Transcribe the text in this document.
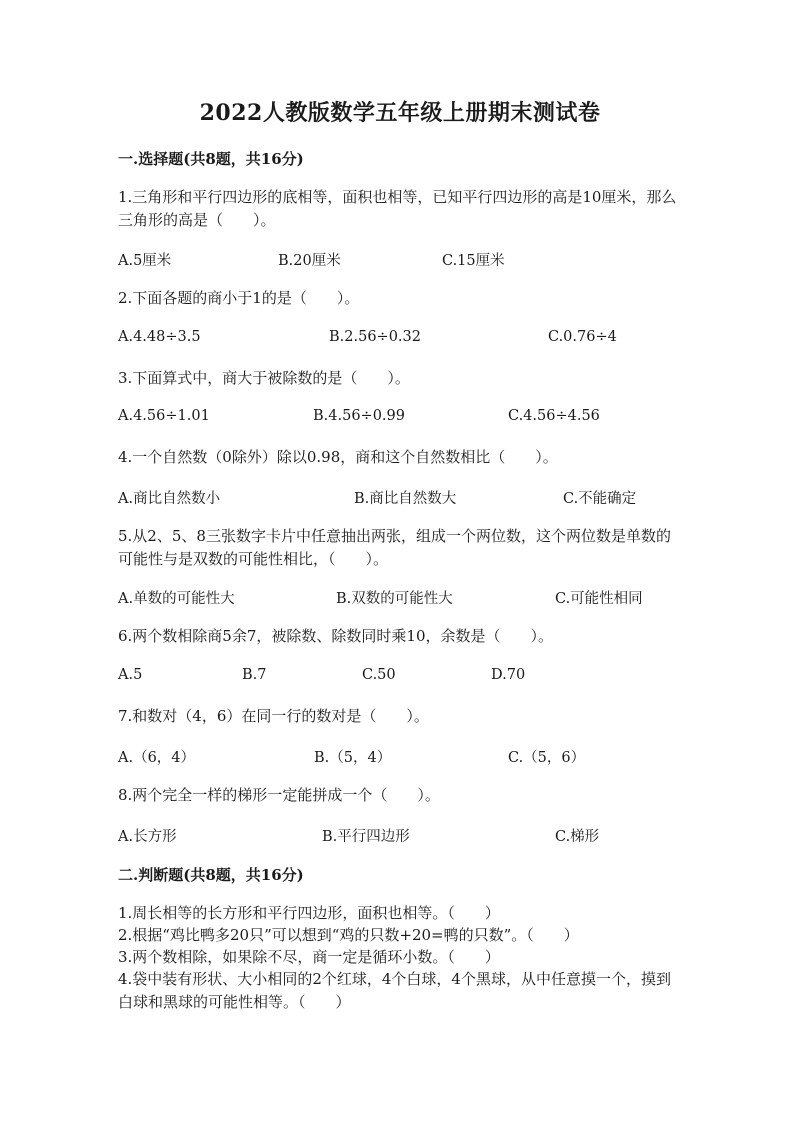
2022人教版数学五年级上册期末测试卷
一.选择题(共8题，共16分)
1.三角形和平行四边形的底相等，面积也相等，已知平行四边形的高是10厘米，那么三角形的高是（　　）。
A.5厘米	B.20厘米	C.15厘米
2.下面各题的商小于1的是（　　）。
A.4.48÷3.5	B.2.56÷0.32	C.0.76÷4
3.下面算式中，商大于被除数的是（　　）。
A.4.56÷1.01	B.4.56÷0.99	C.4.56÷4.56
4.一个自然数（0除外）除以0.98，商和这个自然数相比（　　）。
A.商比自然数小	B.商比自然数大	C.不能确定
5.从2、5、8三张数字卡片中任意抽出两张，组成一个两位数，这个两位数是单数的可能性与是双数的可能性相比，（　　）。
A.单数的可能性大	B.双数的可能性大	C.可能性相同
6.两个数相除商5余7，被除数、除数同时乘10，余数是（　　）。
A.5	B.7	C.50	D.70
7.和数对（4，6）在同一行的数对是（　　）。
A.（6，4）	B.（5，4）	C.（5，6）
8.两个完全一样的梯形一定能拼成一个（　　）。
A.长方形	B.平行四边形	C.梯形
二.判断题(共8题，共16分)
1.周长相等的长方形和平行四边形，面积也相等。（　　）
2.根据“鸡比鸭多20只”可以想到“鸡的只数+20=鸭的只数”。（　　）
3.两个数相除，如果除不尽，商一定是循环小数。（　　）
4.袋中装有形状、大小相同的2个红球，4个白球，4个黑球，从中任意摸一个，摸到白球和黑球的可能性相等。（　　）
